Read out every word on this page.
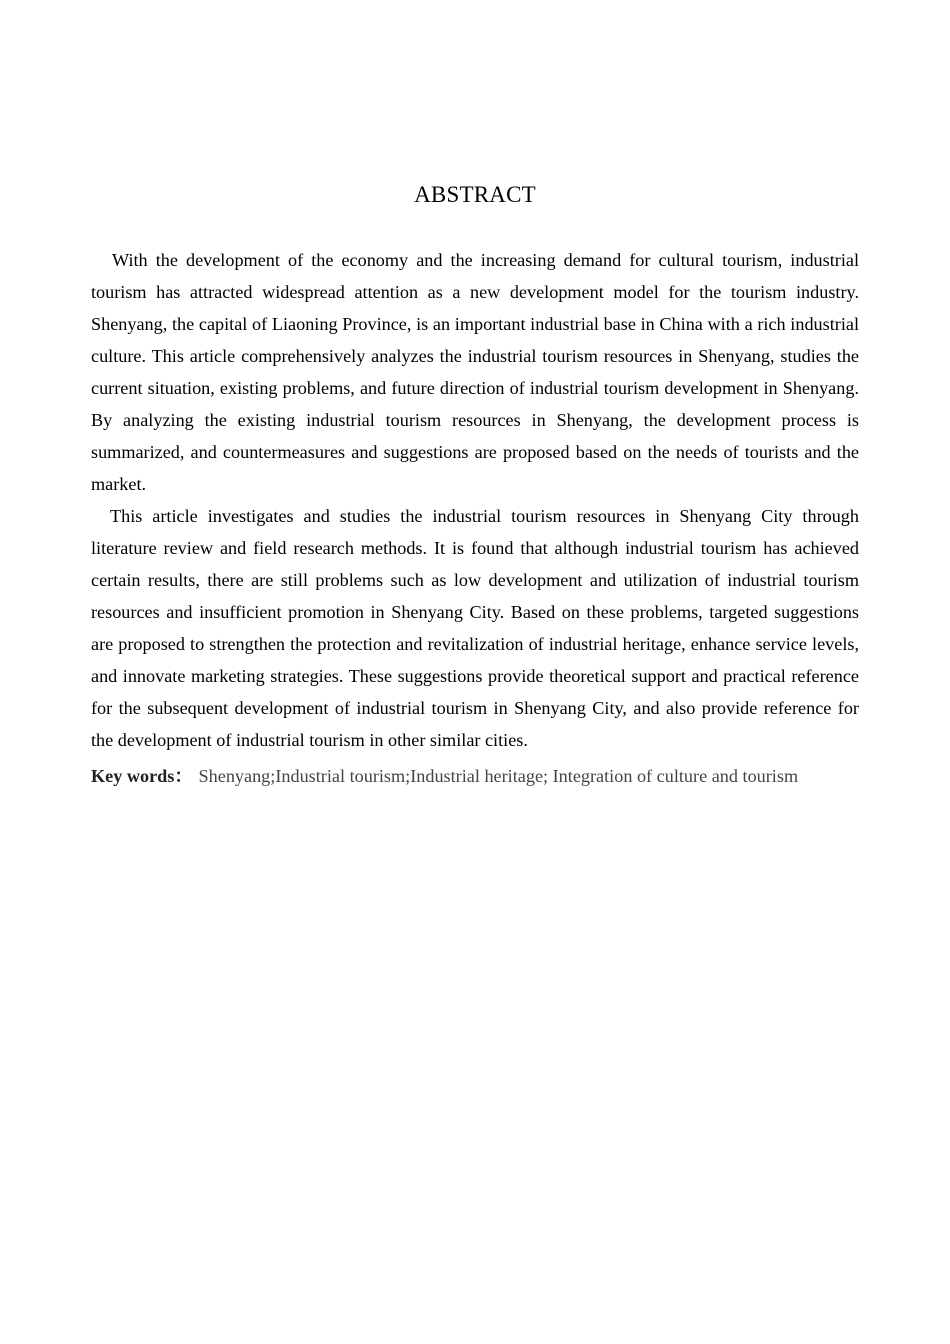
ABSTRACT

With the development of the economy and the increasing demand for cultural tourism, industrial tourism has attracted widespread attention as a new development model for the tourism industry. Shenyang, the capital of Liaoning Province, is an important industrial base in China with a rich industrial culture. This article comprehensively analyzes the industrial tourism resources in Shenyang, studies the current situation, existing problems, and future direction of industrial tourism development in Shenyang. By analyzing the existing industrial tourism resources in Shenyang, the development process is summarized, and countermeasures and suggestions are proposed based on the needs of tourists and the market.

This article investigates and studies the industrial tourism resources in Shenyang City through literature review and field research methods. It is found that although industrial tourism has achieved certain results, there are still problems such as low development and utilization of industrial tourism resources and insufficient promotion in Shenyang City. Based on these problems, targeted suggestions are proposed to strengthen the protection and revitalization of industrial heritage, enhance service levels, and innovate marketing strategies. These suggestions provide theoretical support and practical reference for the subsequent development of industrial tourism in Shenyang City, and also provide reference for the development of industrial tourism in other similar cities.

Key words： Shenyang;Industrial tourism;Industrial heritage; Integration of culture and tourism
